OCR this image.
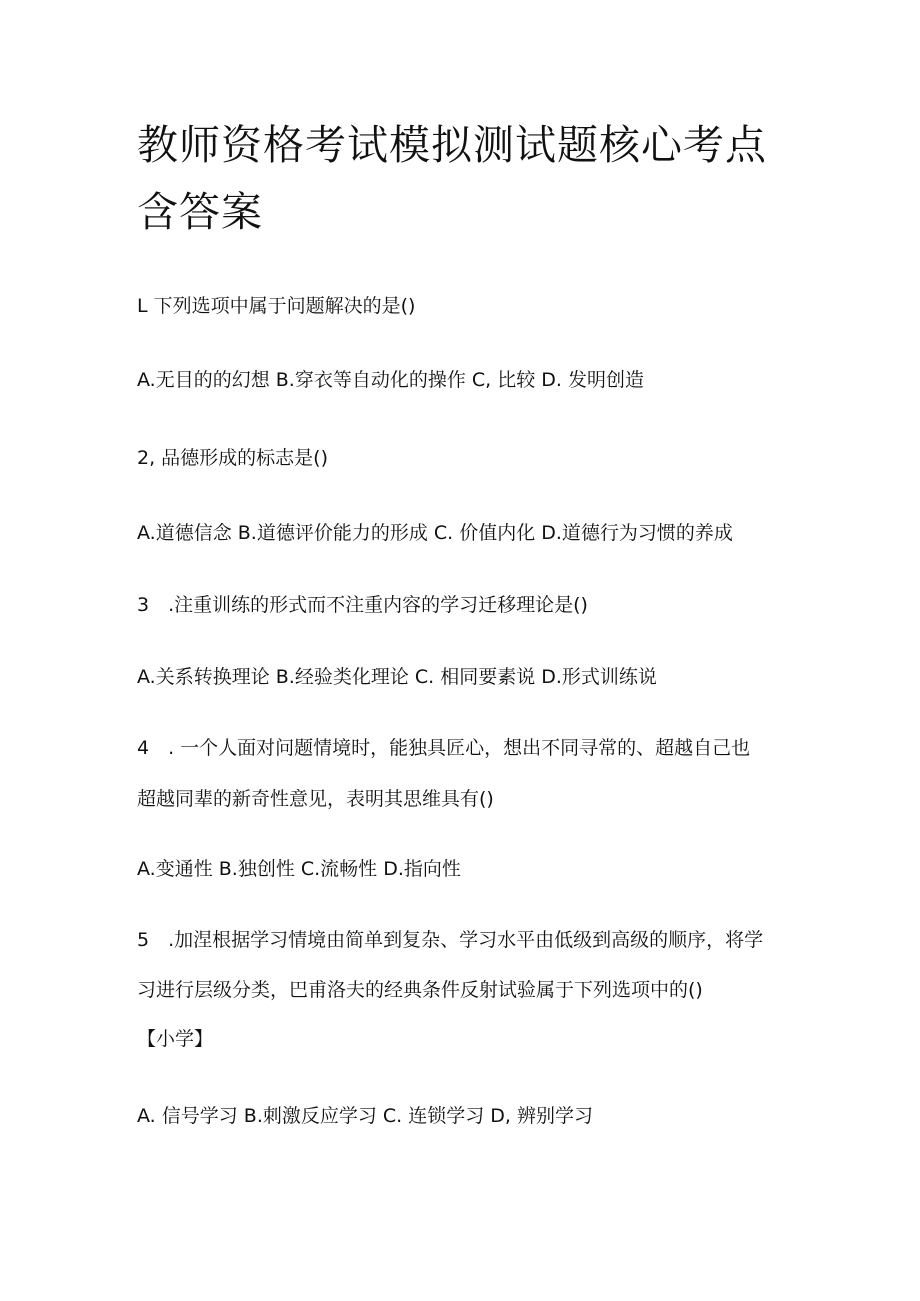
教师资格考试模拟测试题核心考点
含答案

L 下列选项中属于问题解决的是()

A.无目的的幻想 B.穿衣等自动化的操作 C, 比较 D. 发明创造

2, 品德形成的标志是()

A.道德信念 B.道德评价能力的形成 C. 价值内化 D.道德行为习惯的养成

3　.注重训练的形式而不注重内容的学习迁移理论是()

A.关系转换理论 B.经验类化理论 C. 相同要素说 D.形式训练说

4　. 一个人面对问题情境时，能独具匠心，想出不同寻常的、超越自己也

超越同辈的新奇性意见，表明其思维具有()

A.变通性 B.独创性 C.流畅性 D.指向性

5　.加涅根据学习情境由简单到复杂、学习水平由低级到高级的顺序，将学

习进行层级分类，巴甫洛夫的经典条件反射试验属于下列选项中的()

【小学】

A. 信号学习 B.刺激反应学习 C. 连锁学习 D, 辨别学习
